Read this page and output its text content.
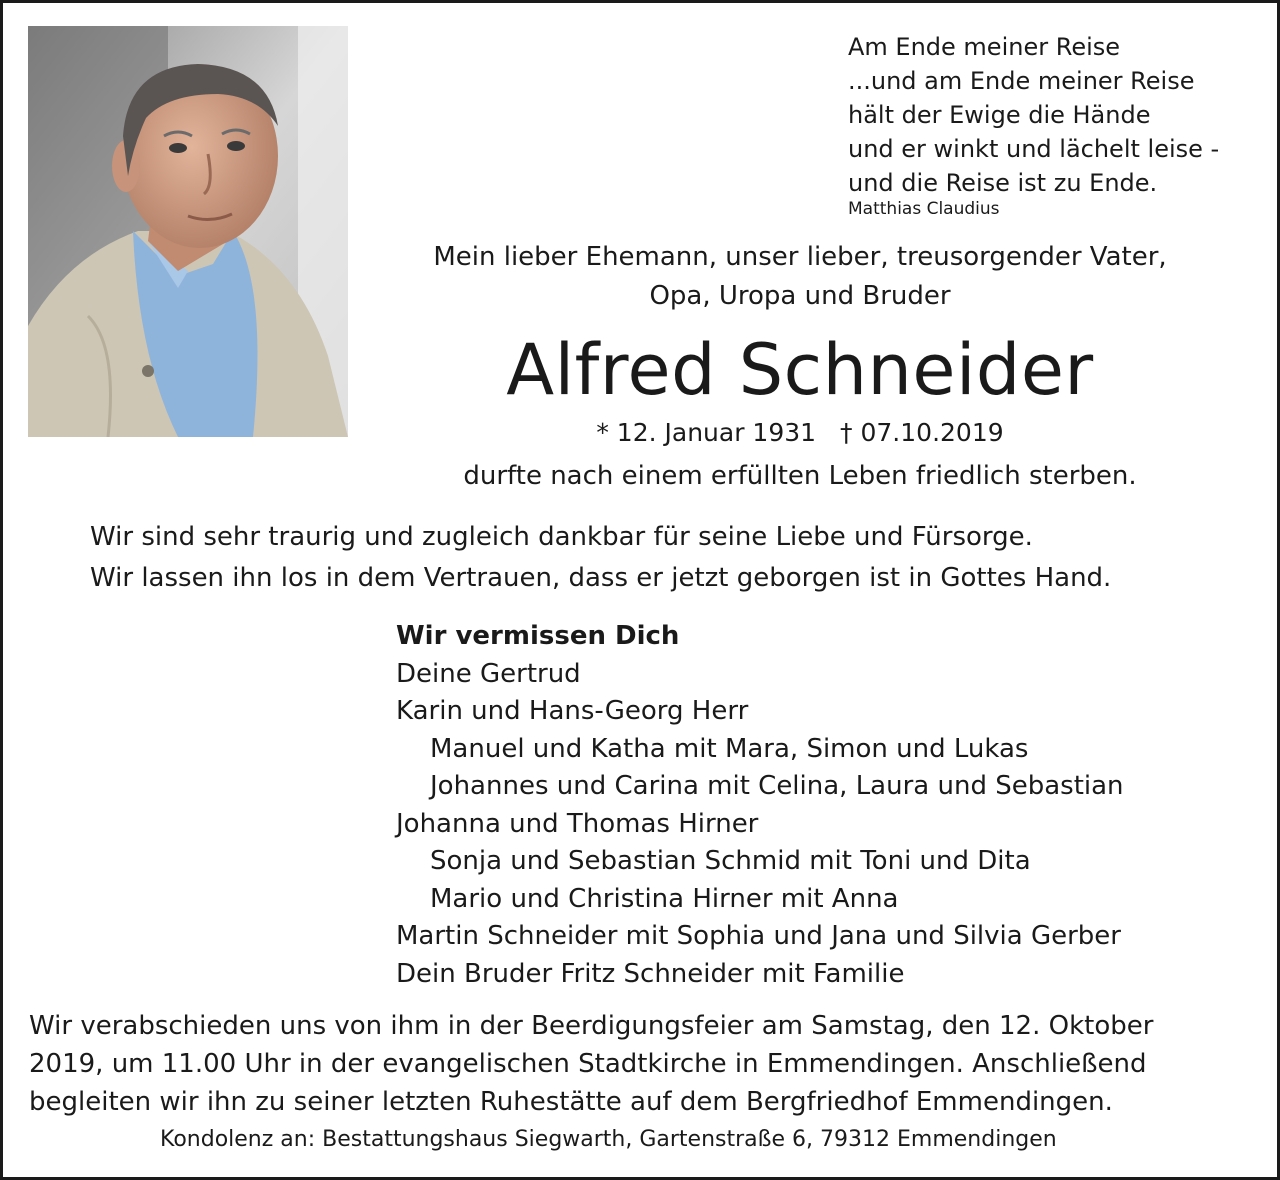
Am Ende meiner Reise
...und am Ende meiner Reise
hält der Ewige die Hände
und er winkt und lächelt leise -
und die Reise ist zu Ende.
Matthias Claudius
Mein lieber Ehemann, unser lieber, treusorgender Vater,
Opa, Uropa und Bruder
Alfred Schneider
* 12. Januar 1931 † 07.10.2019
durfte nach einem erfüllten Leben friedlich sterben.
Wir sind sehr traurig und zugleich dankbar für seine Liebe und Fürsorge.
Wir lassen ihn los in dem Vertrauen, dass er jetzt geborgen ist in Gottes Hand.
Wir vermissen Dich
Deine Gertrud
Karin und Hans-Georg Herr
Manuel und Katha mit Mara, Simon und Lukas
Johannes und Carina mit Celina, Laura und Sebastian
Johanna und Thomas Hirner
Sonja und Sebastian Schmid mit Toni und Dita
Mario und Christina Hirner mit Anna
Martin Schneider mit Sophia und Jana und Silvia Gerber
Dein Bruder Fritz Schneider mit Familie
Wir verabschieden uns von ihm in der Beerdigungsfeier am Samstag, den 12. Oktober
2019, um 11.00 Uhr in der evangelischen Stadtkirche in Emmendingen. Anschließend
begleiten wir ihn zu seiner letzten Ruhestätte auf dem Bergfriedhof Emmendingen.
Kondolenz an: Bestattungshaus Siegwarth, Gartenstraße 6, 79312 Emmendingen
